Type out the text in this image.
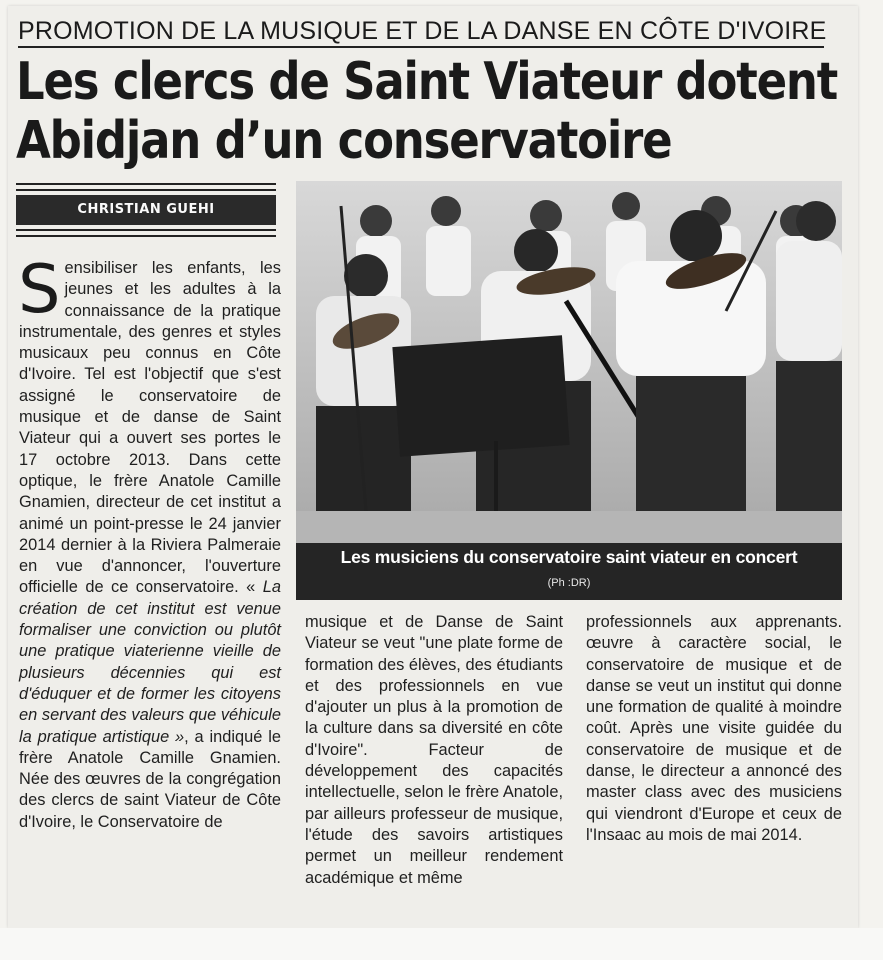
PROMOTION DE LA MUSIQUE ET DE LA DANSE EN CÔTE D'IVOIRE
Les clercs de Saint Viateur dotent
Abidjan d’un conservatoire
CHRISTIAN GUEHI

Sensibiliser les enfants, les jeunes et les adultes à la connaissance de la pratique instrumentale, des genres et styles musicaux peu connus en Côte d'Ivoire. Tel est l'objectif que s'est assigné le conservatoire de musique et de danse de Saint Viateur qui a ouvert ses portes le 17 octobre 2013. Dans cette optique, le frère Anatole Camille Gnamien, directeur de cet institut a animé un point-presse le 24 janvier 2014 dernier à la Riviera Palmeraie en vue d'annoncer, l'ouverture officielle de ce conservatoire. « La création de cet institut est venue formaliser une conviction ou plutôt une pratique viaterienne vieille de plusieurs décennies qui est d'éduquer et de former les citoyens en servant des valeurs que véhicule la pratique artistique », a indiqué le frère Anatole Camille Gnamien. Née des œuvres de la congrégation des clercs de saint Viateur de Côte d'Ivoire, le Conservatoire de

Les musiciens du conservatoire saint viateur en concert
(Ph :DR)

musique et de Danse de Saint Viateur se veut "une plate forme de formation des élèves, des étudiants et des professionnels en vue d'ajouter un plus à la promotion de la culture dans sa diversité en côte d'Ivoire". Facteur de développement des capacités intellectuelle, selon le frère Anatole, par ailleurs professeur de musique, l'étude des savoirs artistiques permet un meilleur rendement académique et même

professionnels aux apprenants. œuvre à caractère social, le conservatoire de musique et de danse se veut un institut qui donne une formation de qualité à moindre coût. Après une visite guidée du conservatoire de musique et de danse, le directeur a annoncé des master class avec des musiciens qui viendront d'Europe et ceux de l'Insaac au mois de mai 2014.
